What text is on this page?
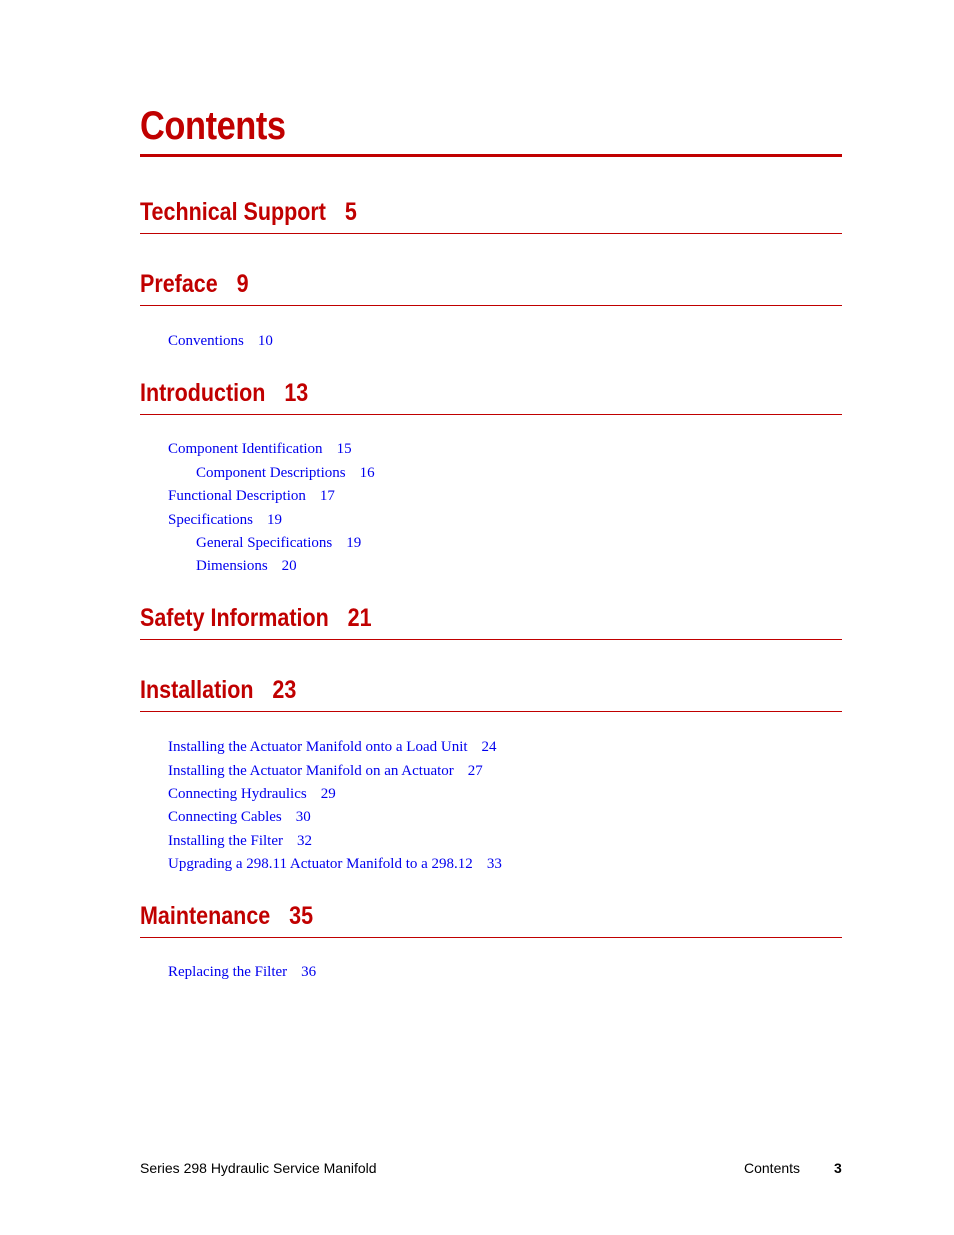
Contents
Technical Support 5
Preface 9
Conventions 10
Introduction 13
Component Identification 15
Component Descriptions 16
Functional Description 17
Specifications 19
General Specifications 19
Dimensions 20
Safety Information 21
Installation 23
Installing the Actuator Manifold onto a Load Unit 24
Installing the Actuator Manifold on an Actuator 27
Connecting Hydraulics 29
Connecting Cables 30
Installing the Filter 32
Upgrading a 298.11 Actuator Manifold to a 298.12 33
Maintenance 35
Replacing the Filter 36
Series 298 Hydraulic Service Manifold	Contents 3
